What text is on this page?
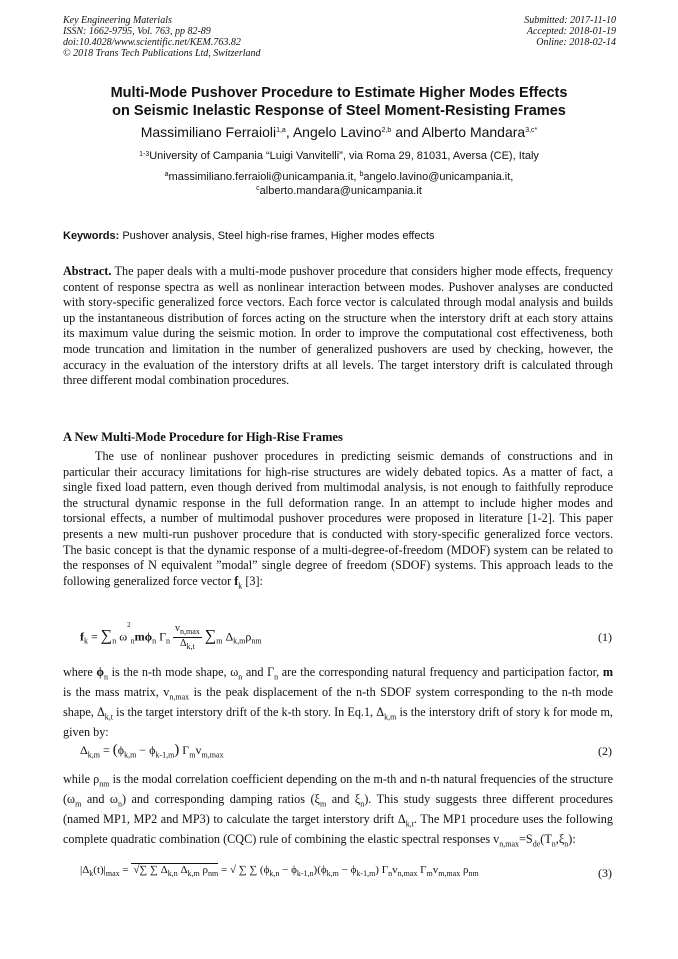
Key Engineering Materials
ISSN: 1662-9795, Vol. 763, pp 82-89
doi:10.4028/www.scientific.net/KEM.763.82
© 2018 Trans Tech Publications Ltd, Switzerland
Submitted: 2017-11-10
Accepted: 2018-01-19
Online: 2018-02-14
Multi-Mode Pushover Procedure to Estimate Higher Modes Effects
on Seismic Inelastic Response of Steel Moment-Resisting Frames
Massimiliano Ferraioli$^{1,a}$, Angelo Lavino$^{2,b}$ and Alberto Mandara$^{3,c*}$
$^{1-3}$University of Campania “Luigi Vanvitelli”, via Roma 29, 81031, Aversa (CE), Italy
$^a$massimiliano.ferraioli@unicampania.it, $^b$angelo.lavino@unicampania.it,
$^c$alberto.mandara@unicampania.it
Keywords: Pushover analysis, Steel high-rise frames, Higher modes effects
Abstract. The paper deals with a multi-mode pushover procedure that considers higher mode effects, frequency content of response spectra as well as nonlinear interaction between modes. Pushover analyses are conducted with story-specific generalized force vectors. Each force vector is calculated through modal analysis and builds up the instantaneous distribution of forces acting on the structure when the interstory drift at each story attains its maximum value during the seismic motion. In order to improve the computational cost effectiveness, both mode truncation and limitation in the number of generalized pushovers are used by checking, however, the accuracy in the evaluation of the interstory drifts at all levels. The target interstory drift is calculated through three different modal combination procedures.
A New Multi-Mode Procedure for High-Rise Frames
The use of nonlinear pushover procedures in predicting seismic demands of constructions and in particular their accuracy limitations for high-rise structures are widely debated topics. As a matter of fact, a single fixed load pattern, even though derived from multimodal analysis, is not enough to faithfully reproduce the structural dynamic response in the full deformation range. In an attempt to include higher modes and torsional effects, a number of multimodal pushover procedures were proposed in literature [1-2]. This paper presents a new multi-run pushover procedure that is conducted with story-specific generalized force vectors. The basic concept is that the dynamic response of a multi-degree-of-freedom (MDOF) system can be related to the responses of N equivalent ”modal” single degree of freedom (SDOF) systems. This approach leads to the following generalized force vector $f_k$ [3]:
$f_k = \sum_n$ $\omega^2_nm\phi_n$ $\Gamma_n \frac{v_{n,max}}{\Delta_{k,t}} \sum_m$ $\Delta_{k,m}\rho_{nm}$	(1)
where $\phi_n$ is the n-th mode shape, $\omega_n$ and $\Gamma_n$ are the corresponding natural frequency and participation factor, m is the mass matrix, $v_{n,max}$ is the peak displacement of the n-th SDOF system corresponding to the n-th mode shape, $\Delta_{k,t}$ is the target interstory drift of the k-th story. In Eq.1, $\Delta_{k,m}$ is the interstory drift of story k for mode m, given by:
$\Delta_{k,m} = (\phi_{k,m} - \phi_{k-1,m})$ $\Gamma_mv_{m,max}$	(2)
while $\rho_{nm}$ is the modal correlation coefficient depending on the m-th and n-th natural frequencies of the structure ($\omega_m$ and $\omega_n$) and corresponding damping ratios ($\xi_m$ and $\xi_n$). This study suggests three different procedures (named MP1, MP2 and MP3) to calculate the target interstory drift $\Delta_{k,t}$. The MP1 procedure uses the following complete quadratic combination (CQC) rule of combining the elastic spectral responses $v_{n,max}=S_{de}(T_n,\xi_n)$:
$|\Delta_k(t)|_{max}$ = √∑ ∑ $\Delta_{k,n}$ $\Delta_{k,m}$ $\rho_{nm}$ = √ ∑ ∑ $(\phi_{k,n} - \phi_{k-1,n})(\phi_{k,m} - \phi_{k-1,m})$ $\Gamma_nv_{n,max}$ $\Gamma_mv_{m,max}$ $\rho_{nm}$	(3)
